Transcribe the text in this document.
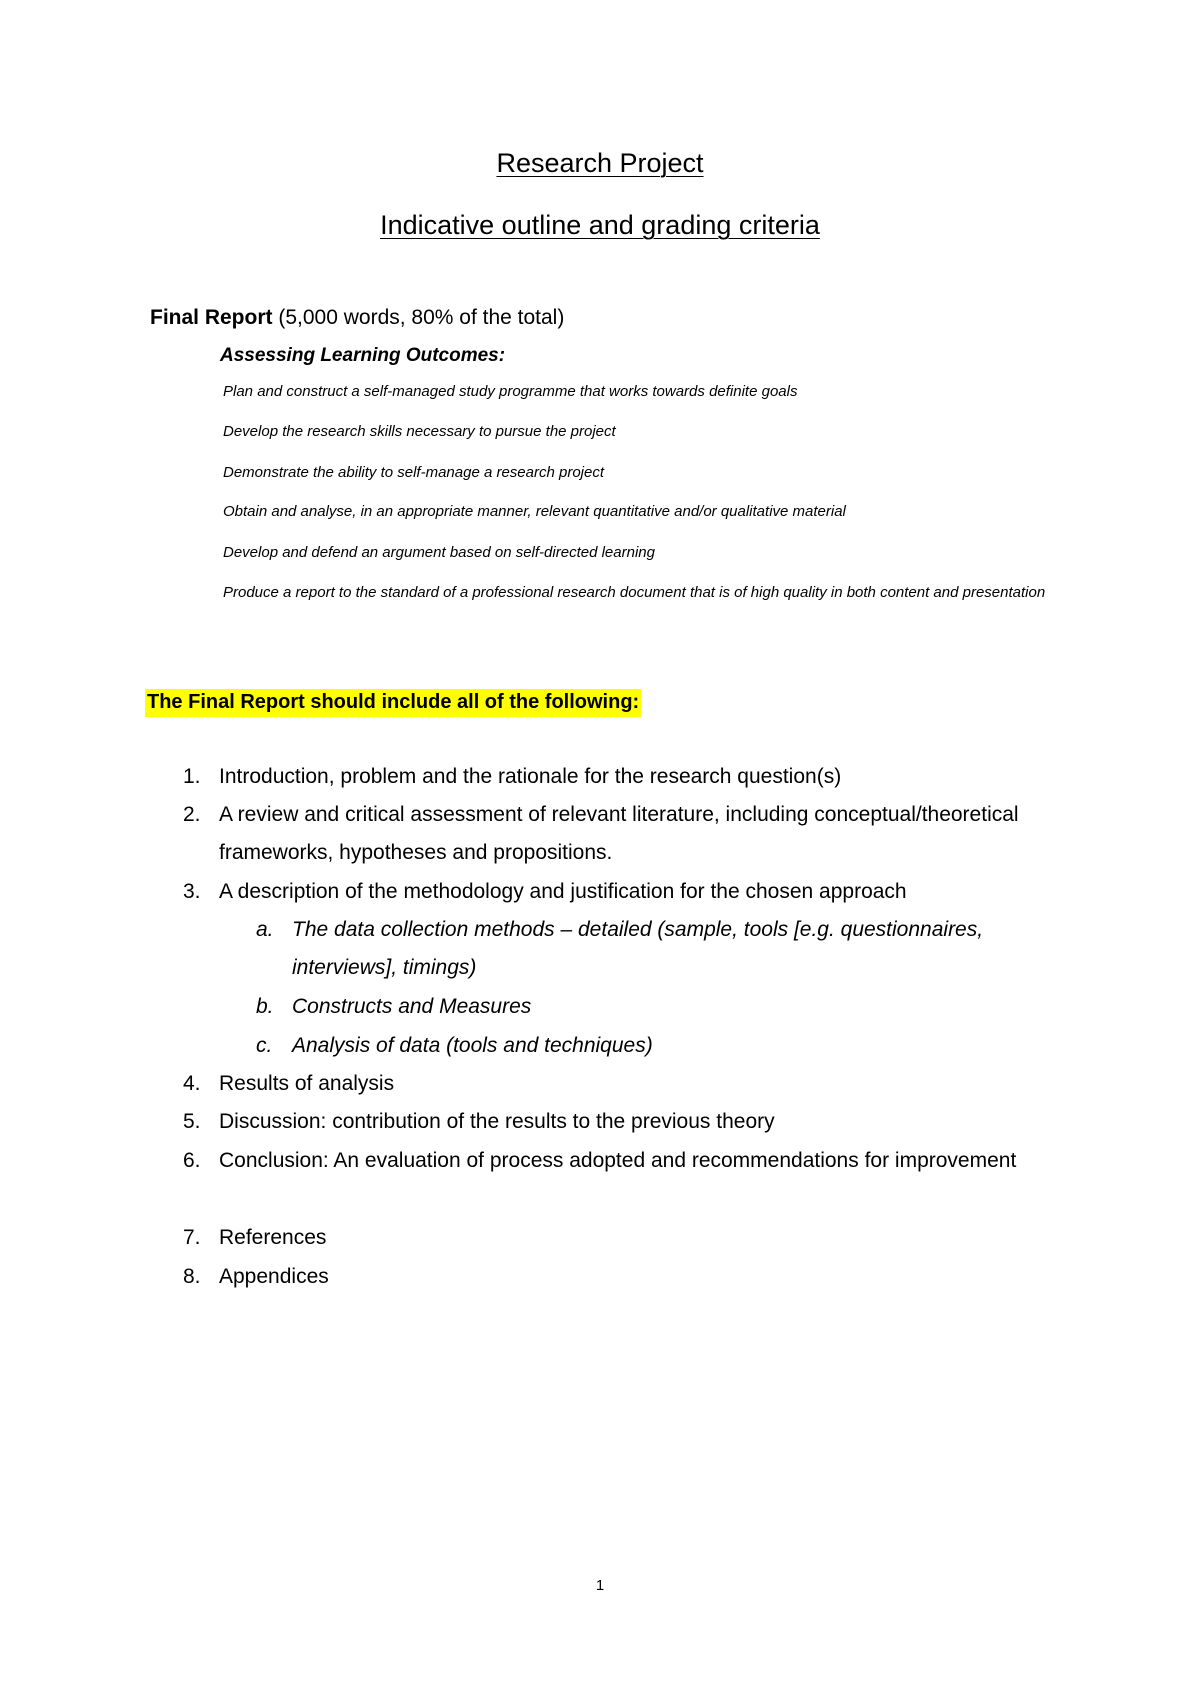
Research Project
Indicative outline and grading criteria
Final Report (5,000 words, 80% of the total)
Assessing Learning Outcomes:
Plan and construct a self-managed study programme that works towards definite goals
Develop the research skills necessary to pursue the project
Demonstrate the ability to self-manage a research project
Obtain and analyse, in an appropriate manner, relevant quantitative and/or qualitative material
Develop and defend an argument based on self-directed learning
Produce a report to the standard of a professional research document that is of high quality in both content and presentation
The Final Report should include all of the following:
1. Introduction, problem and the rationale for the research question(s)
2. A review and critical assessment of relevant literature, including conceptual/theoretical frameworks, hypotheses and propositions.
3. A description of the methodology and justification for the chosen approach
a. The data collection methods – detailed (sample, tools [e.g. questionnaires, interviews], timings)
b. Constructs and Measures
c. Analysis of data (tools and techniques)
4. Results of analysis
5. Discussion: contribution of the results to the previous theory
6. Conclusion: An evaluation of process adopted and recommendations for improvement
7. References
8. Appendices
1
